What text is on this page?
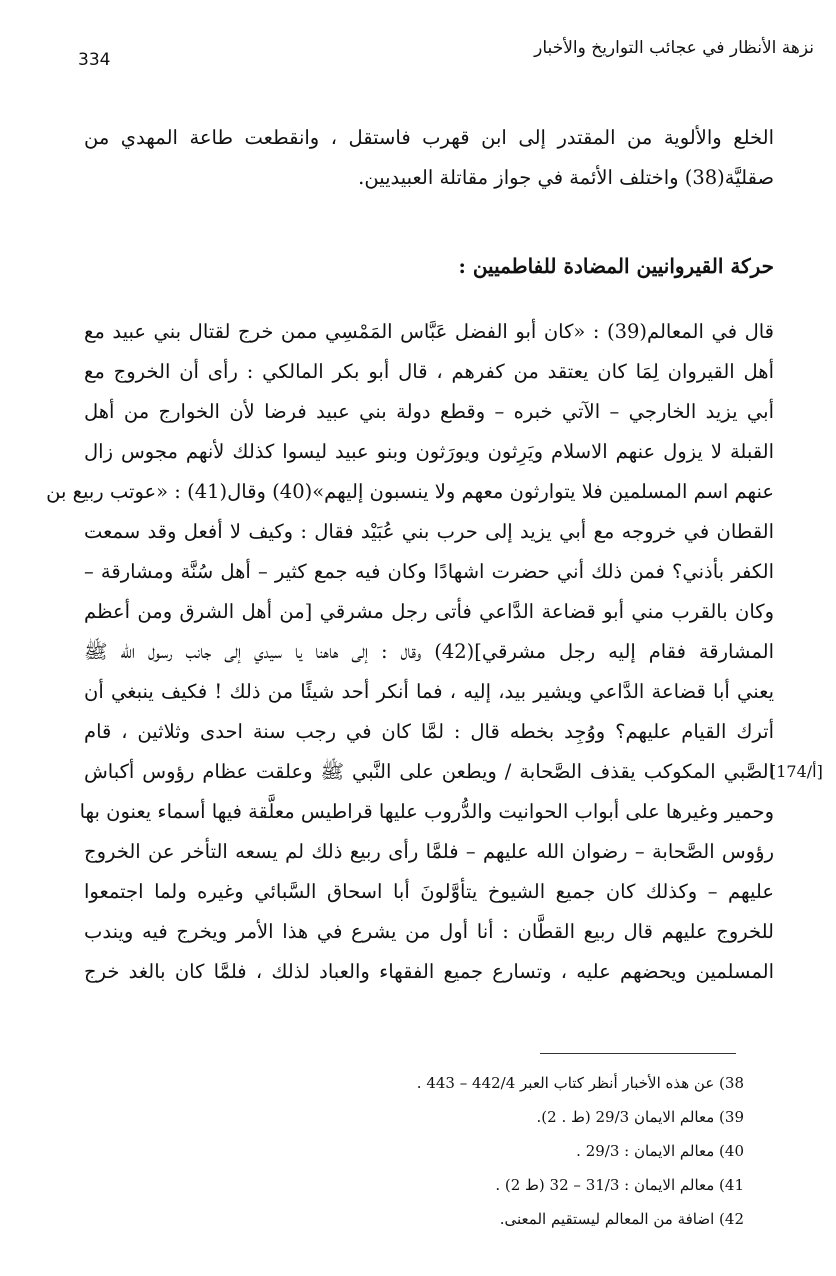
نزهة الأنظار في عجائب التواريخ والأخبار
334
الخلع والألوية من المقتدر إلى ابن قهرب فاستقل ، وانقطعت طاعة المهدي من
صقليَّة(38) واختلف الأئمة في جواز مقاتلة العبيديين.
حركة القيروانيين المضادة للفاطميين :
قال في المعالم(39) : «كان أبو الفضل عَبَّاس المَمْسِي ممن خرج لقتال بني عبيد مع
أهل القيروان لِمَا كان يعتقد من كفرهم ، قال أبو بكر المالكي : رأى أن الخروج مع
أبي يزيد الخارجي – الآتي خبره – وقطع دولة بني عبيد فرضا لأن الخوارج من أهل
القبلة لا يزول عنهم الاسلام ويَرِثون ويورَثون وبنو عبيد ليسوا كذلك لأنهم مجوس زال
عنهم اسم المسلمين فلا يتوارثون معهم ولا ينسبون إليهم»(40) وقال(41) : «عوتب ربيع بن
القطان في خروجه مع أبي يزيد إلى حرب بني عُبَيْد فقال : وكيف لا أفعل وقد سمعت
الكفر بأذني؟ فمن ذلك أني حضرت اشهادًا وكان فيه جمع كثير – أهل سُنَّة ومشارقة –
وكان بالقرب مني أبو قضاعة الدَّاعي فأتى رجل مشرقي [من أهل الشرق ومن أعظم
المشارقة فقام إليه رجل مشرقي](42) وقال : إلى هاهنا يا سيدي إلى جانب رسول الله ﷺ
يعني أبا قضاعة الدَّاعي ويشير بيد، إليه ، فما أنكر أحد شيئًا من ذلك ! فكيف ينبغي أن
أترك القيام عليهم؟ ووُجِد بخطه قال : لمَّا كان في رجب سنة احدى وثلاثين ، قام
الصَّبي المكوكب يقذف الصَّحابة / ويطعن على النَّبي ﷺ وعلقت عظام رؤوس أكباش
وحمير وغيرها على أبواب الحوانيت والدُّروب عليها قراطيس معلَّقة فيها أسماء يعنون بها
رؤوس الصَّحابة – رضوان الله عليهم – فلمَّا رأى ربيع ذلك لم يسعه التأخر عن الخروج
عليهم – وكذلك كان جميع الشيوخ يتأوَّلونَ أبا اسحاق السَّبائي وغيره ولما اجتمعوا
للخروج عليهم قال ربيع القطَّان : أنا أول من يشرع في هذا الأمر ويخرج فيه ويندب
المسلمين ويحضهم عليه ، وتسارع جميع الفقهاء والعباد لذلك ، فلمَّا كان بالغد خرج
[174/أ]
38) عن هذه الأخبار أنظر كتاب العبر 442/4 – 443 .
39) معالم الايمان 29/3 (ط . 2).
40) معالم الايمان : 29/3 .
41) معالم الايمان : 31/3 – 32 (ط 2) .
42) اضافة من المعالم ليستقيم المعنى.
